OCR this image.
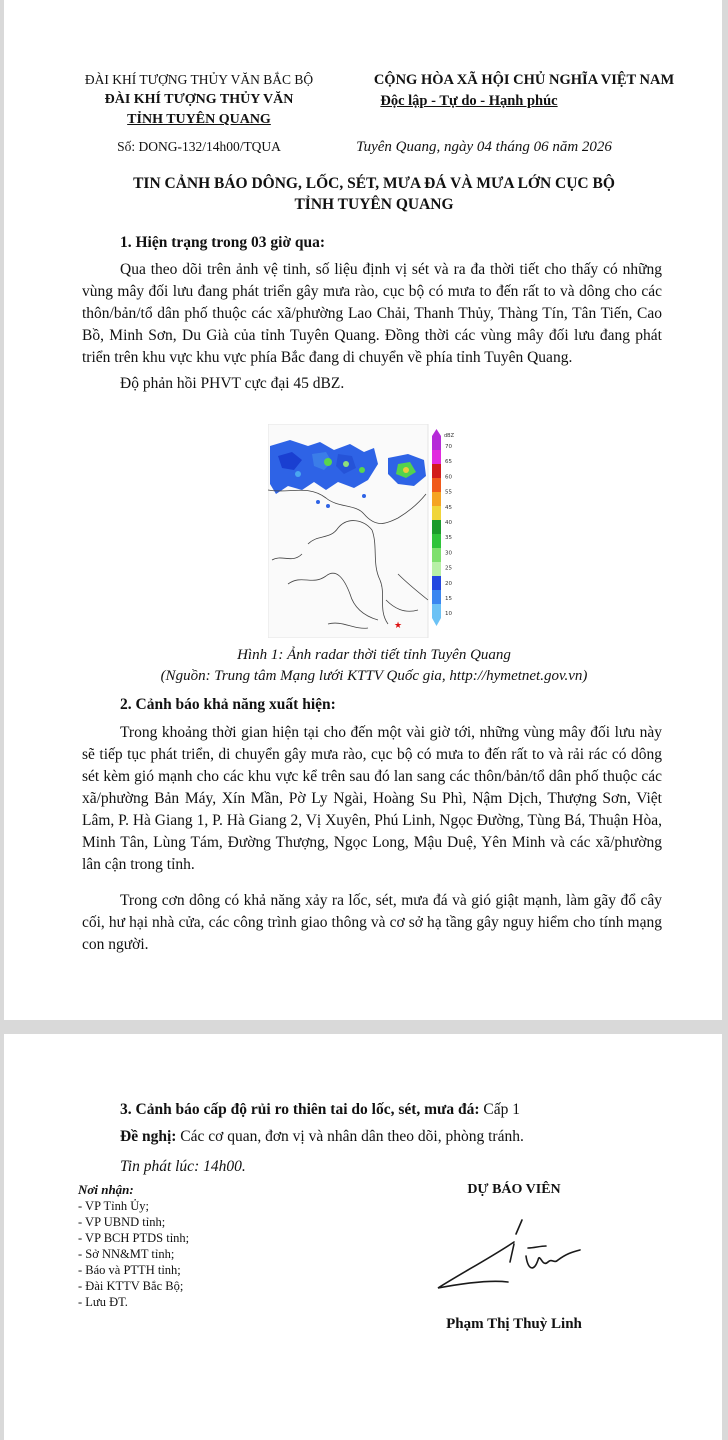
ĐÀI KHÍ TƯỢNG THỦY VĂN BẮC BỘ
ĐÀI KHÍ TƯỢNG THỦY VĂN
TỈNH TUYÊN QUANG
Số: DONG-132/14h00/TQUA
CỘNG HÒA XÃ HỘI CHỦ NGHĨA VIỆT NAM
Độc lập - Tự do - Hạnh phúc
Tuyên Quang, ngày 04 tháng 06 năm 2026
TIN CẢNH BÁO DÔNG, LỐC, SÉT, MƯA ĐÁ VÀ MƯA LỚN CỤC BỘ
TỈNH TUYÊN QUANG
1. Hiện trạng trong 03 giờ qua:

Qua theo dõi trên ảnh vệ tinh, số liệu định vị sét và ra đa thời tiết cho thấy có những vùng mây đối lưu đang phát triển gây mưa rào, cục bộ có mưa to đến rất to và dông cho các thôn/bản/tổ dân phố thuộc các xã/phường Lao Chải, Thanh Thủy, Thàng Tín, Tân Tiến, Cao Bồ, Minh Sơn, Du Già của tỉnh Tuyên Quang. Đồng thời các vùng mây đối lưu đang phát triển trên khu vực khu vực phía Bắc đang di chuyển về phía tỉnh Tuyên Quang.

Độ phản hồi PHVT cực đại 45 dBZ.

★
dBZ
70
65
60
55
45
40
35
30
25
20
15
10
Hình 1: Ảnh radar thời tiết tỉnh Tuyên Quang
(Nguồn: Trung tâm Mạng lưới KTTV Quốc gia, http://hymetnet.gov.vn)
2. Cảnh báo khả năng xuất hiện:

Trong khoảng thời gian hiện tại cho đến một vài giờ tới, những vùng mây đối lưu này sẽ tiếp tục phát triển, di chuyển gây mưa rào, cục bộ có mưa to đến rất to và rải rác có dông sét kèm gió mạnh cho các khu vực kể trên sau đó lan sang các thôn/bản/tổ dân phố thuộc các xã/phường Bản Máy, Xín Mần, Pờ Ly Ngài, Hoàng Su Phì, Nậm Dịch, Thượng Sơn, Việt Lâm, P. Hà Giang 1, P. Hà Giang 2, Vị Xuyên, Phú Linh, Ngọc Đường, Tùng Bá, Thuận Hòa, Minh Tân, Lùng Tám, Đường Thượng, Ngọc Long, Mậu Duệ, Yên Minh và các xã/phường lân cận trong tỉnh.

Trong cơn dông có khả năng xảy ra lốc, sét, mưa đá và gió giật mạnh, làm gãy đổ cây cối, hư hại nhà cửa, các công trình giao thông và cơ sở hạ tầng gây nguy hiểm cho tính mạng con người.

3. Cảnh báo cấp độ rủi ro thiên tai do lốc, sét, mưa đá: Cấp 1
Đề nghị: Các cơ quan, đơn vị và nhân dân theo dõi, phòng tránh.
Tin phát lúc: 14h00.
Nơi nhận:
- VP Tỉnh Ủy;
- VP UBND tỉnh;
- VP BCH PTDS tỉnh;
- Sở NN&MT tỉnh;
- Báo và PTTH tỉnh;
- Đài KTTV Bắc Bộ;
- Lưu ĐT.
DỰ BÁO VIÊN
Phạm Thị Thuỳ Linh
